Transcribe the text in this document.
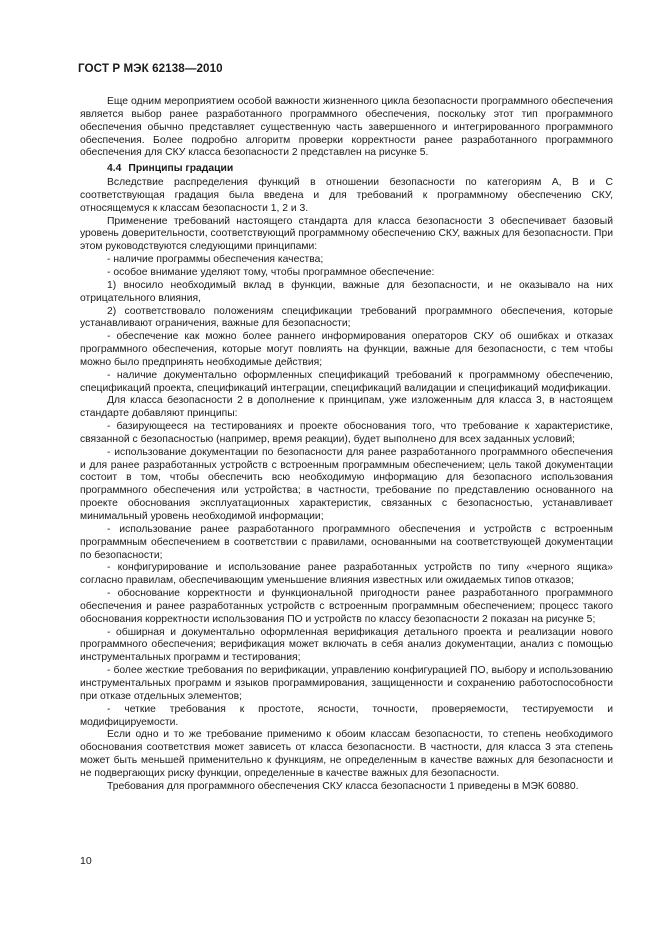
ГОСТ Р МЭК 62138—2010

Еще одним мероприятием особой важности жизненного цикла безопасности программного обеспечения является выбор ранее разработанного программного обеспечения, поскольку этот тип программного обеспечения обычно представляет существенную часть завершенного и интегрированного программного обеспечения. Более подробно алгоритм проверки корректности ранее разработанного программного обеспечения для СКУ класса безопасности 2 представлен на рисунке 5.

4.4 Принципы градации

Вследствие распределения функций в отношении безопасности по категориям А, В и С соответствующая градация была введена и для требований к программному обеспечению СКУ, относящемуся к классам безопасности 1, 2 и 3.

Применение требований настоящего стандарта для класса безопасности 3 обеспечивает базовый уровень доверительности, соответствующий программному обеспечению СКУ, важных для безопасности. При этом руководствуются следующими принципами:

- наличие программы обеспечения качества;

- особое внимание уделяют тому, чтобы программное обеспечение:

1) вносило необходимый вклад в функции, важные для безопасности, и не оказывало на них отрицательного влияния,

2) соответствовало положениям спецификации требований программного обеспечения, которые устанавливают ограничения, важные для безопасности;

- обеспечение как можно более раннего информирования операторов СКУ об ошибках и отказах программного обеспечения, которые могут повлиять на функции, важные для безопасности, с тем чтобы можно было предпринять необходимые действия;

- наличие документально оформленных спецификаций требований к программному обеспечению, спецификаций проекта, спецификаций интеграции, спецификаций валидации и спецификаций модификации.

Для класса безопасности 2 в дополнение к принципам, уже изложенным для класса 3, в настоящем стандарте добавляют принципы:

- базирующееся на тестированиях и проекте обоснования того, что требование к характеристике, связанной с безопасностью (например, время реакции), будет выполнено для всех заданных условий;

- использование документации по безопасности для ранее разработанного программного обеспечения и для ранее разработанных устройств с встроенным программным обеспечением; цель такой документации состоит в том, чтобы обеспечить всю необходимую информацию для безопасного использования программного обеспечения или устройства; в частности, требование по представлению основанного на проекте обоснования эксплуатационных характеристик, связанных с безопасностью, устанавливает минимальный уровень необходимой информации;

- использование ранее разработанного программного обеспечения и устройств с встроенным программным обеспечением в соответствии с правилами, основанными на соответствующей документации по безопасности;

- конфигурирование и использование ранее разработанных устройств по типу «черного ящика» согласно правилам, обеспечивающим уменьшение влияния известных или ожидаемых типов отказов;

- обоснование корректности и функциональной пригодности ранее разработанного программного обеспечения и ранее разработанных устройств с встроенным программным обеспечением; процесс такого обоснования корректности использования ПО и устройств по классу безопасности 2 показан на рисунке 5;

- обширная и документально оформленная верификация детального проекта и реализации нового программного обеспечения; верификация может включать в себя анализ документации, анализ с помощью инструментальных программ и тестирования;

- более жесткие требования по верификации, управлению конфигурацией ПО, выбору и использованию инструментальных программ и языков программирования, защищенности и сохранению работоспособности при отказе отдельных элементов;

- четкие требования к простоте, ясности, точности, проверяемости, тестируемости и модифицируемости.

Если одно и то же требование применимо к обоим классам безопасности, то степень необходимого обоснования соответствия может зависеть от класса безопасности. В частности, для класса 3 эта степень может быть меньшей применительно к функциям, не определенным в качестве важных для безопасности и не подвергающих риску функции, определенные в качестве важных для безопасности.

Требования для программного обеспечения СКУ класса безопасности 1 приведены в МЭК 60880.

10
